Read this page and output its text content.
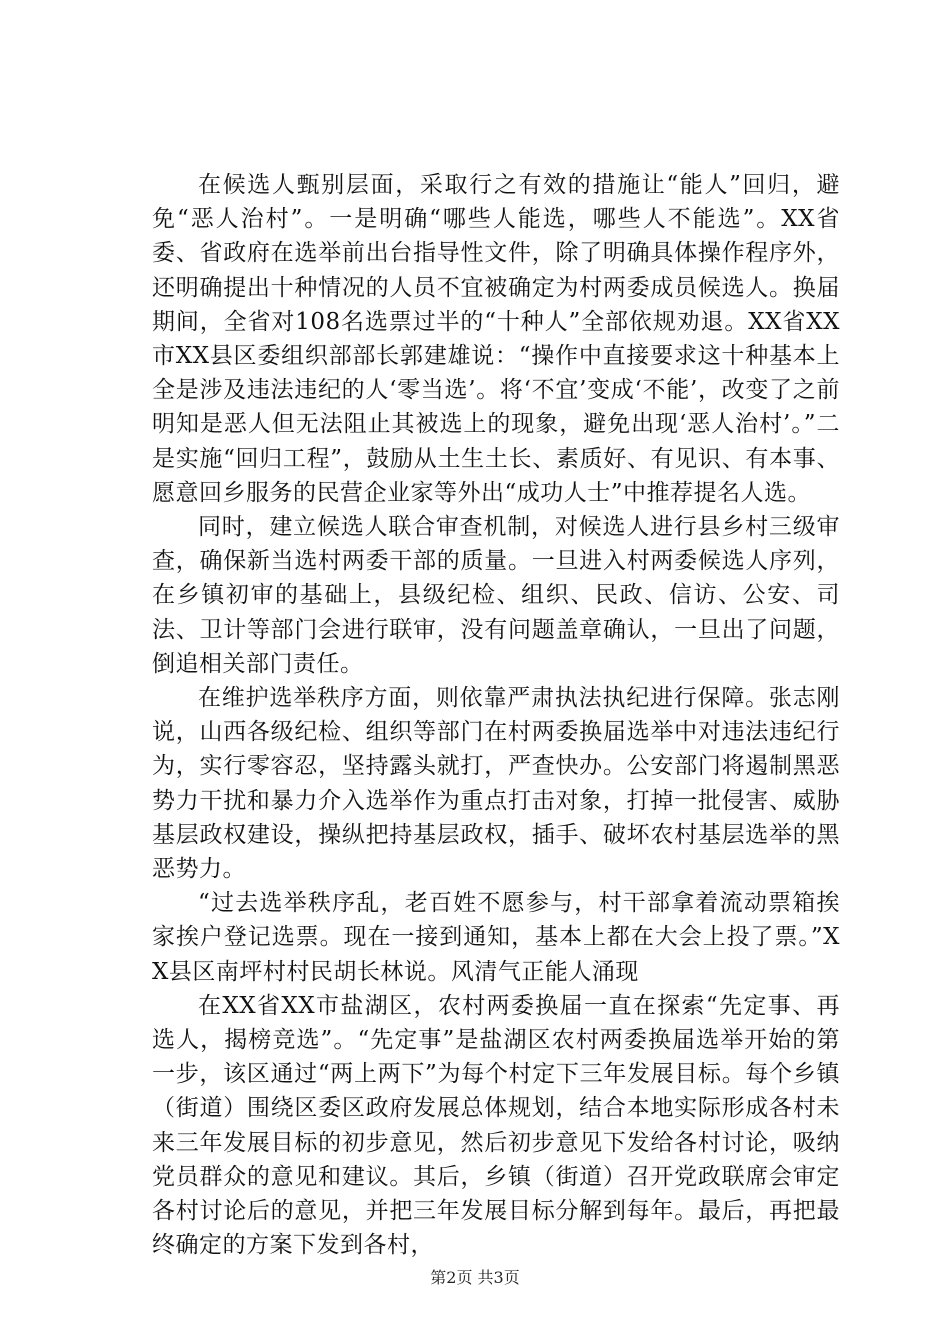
在候选人甄别层面，采取行之有效的措施让“能人”回归，避免“恶人治村”。一是明确“哪些人能选，哪些人不能选”。XX省委、省政府在选举前出台指导性文件，除了明确具体操作程序外，还明确提出十种情况的人员不宜被确定为村两委成员候选人。换届期间，全省对108名选票过半的“十种人”全部依规劝退。XX省XX市XX县区委组织部部长郭建雄说：“操作中直接要求这十种基本上全是涉及违法违纪的人‘零当选’。将‘不宜’变成‘不能’，改变了之前明知是恶人但无法阻止其被选上的现象，避免出现‘恶人治村’。”二是实施“回归工程”，鼓励从土生土长、素质好、有见识、有本事、愿意回乡服务的民营企业家等外出“成功人士”中推荐提名人选。

同时，建立候选人联合审查机制，对候选人进行县乡村三级审查，确保新当选村两委干部的质量。一旦进入村两委候选人序列，在乡镇初审的基础上，县级纪检、组织、民政、信访、公安、司法、卫计等部门会进行联审，没有问题盖章确认，一旦出了问题，倒追相关部门责任。

在维护选举秩序方面，则依靠严肃执法执纪进行保障。张志刚说，山西各级纪检、组织等部门在村两委换届选举中对违法违纪行为，实行零容忍，坚持露头就打，严查快办。公安部门将遏制黑恶势力干扰和暴力介入选举作为重点打击对象，打掉一批侵害、威胁基层政权建设，操纵把持基层政权，插手、破坏农村基层选举的黑恶势力。

“过去选举秩序乱，老百姓不愿参与，村干部拿着流动票箱挨家挨户登记选票。现在一接到通知，基本上都在大会上投了票。”XX县区南坪村村民胡长林说。风清气正能人涌现

在XX省XX市盐湖区，农村两委换届一直在探索“先定事、再选人，揭榜竞选”。“先定事”是盐湖区农村两委换届选举开始的第一步，该区通过“两上两下”为每个村定下三年发展目标。每个乡镇（街道）围绕区委区政府发展总体规划，结合本地实际形成各村未来三年发展目标的初步意见，然后初步意见下发给各村讨论，吸纳党员群众的意见和建议。其后，乡镇（街道）召开党政联席会审定各村讨论后的意见，并把三年发展目标分解到每年。最后，再把最终确定的方案下发到各村，

第2页 共3页
